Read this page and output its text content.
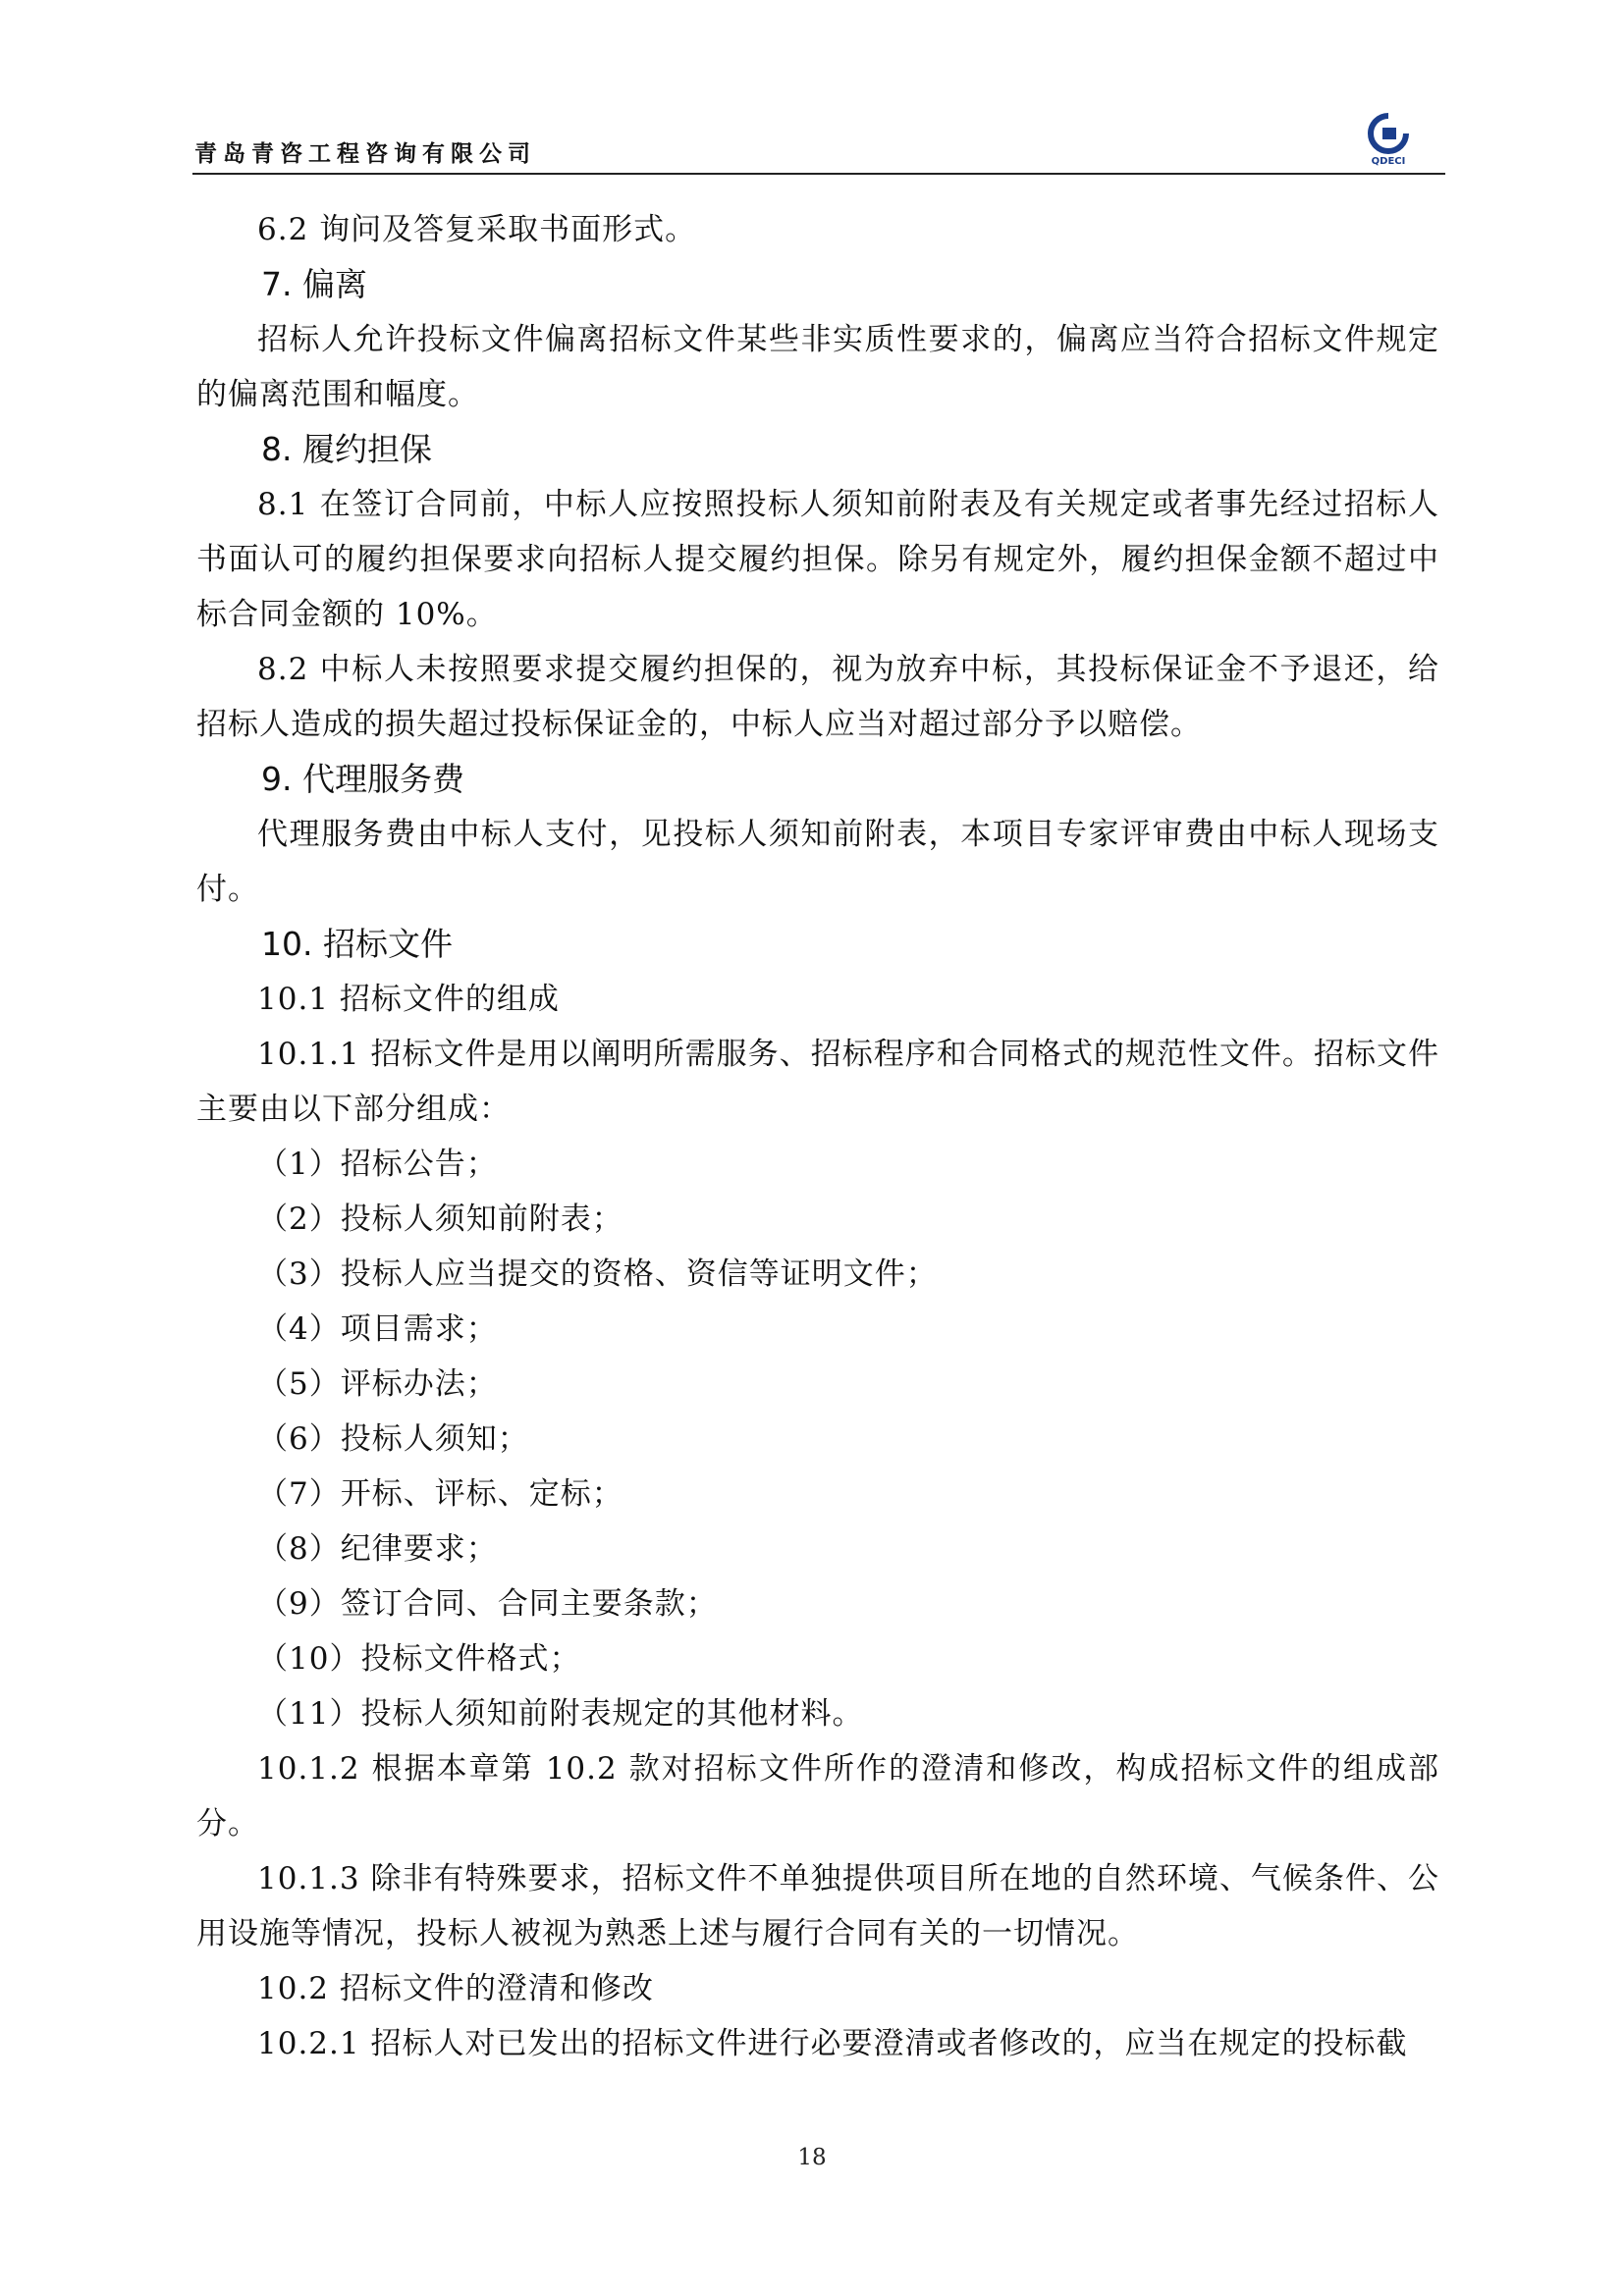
青岛青咨工程咨询有限公司	QDECI

6.2 询问及答复采取书面形式。

7. 偏离

招标人允许投标文件偏离招标文件某些非实质性要求的，偏离应当符合招标文件规定的偏离范围和幅度。

8. 履约担保

8.1 在签订合同前，中标人应按照投标人须知前附表及有关规定或者事先经过招标人书面认可的履约担保要求向招标人提交履约担保。除另有规定外，履约担保金额不超过中标合同金额的 10%。

8.2 中标人未按照要求提交履约担保的，视为放弃中标，其投标保证金不予退还，给招标人造成的损失超过投标保证金的，中标人应当对超过部分予以赔偿。

9. 代理服务费

代理服务费由中标人支付，见投标人须知前附表，本项目专家评审费由中标人现场支付。

10. 招标文件

10.1 招标文件的组成

10.1.1 招标文件是用以阐明所需服务、招标程序和合同格式的规范性文件。招标文件主要由以下部分组成：

（1）招标公告；

（2）投标人须知前附表；

（3）投标人应当提交的资格、资信等证明文件；

（4）项目需求；

（5）评标办法；

（6）投标人须知；

（7）开标、评标、定标；

（8）纪律要求；

（9）签订合同、合同主要条款；

（10）投标文件格式；

（11）投标人须知前附表规定的其他材料。

10.1.2 根据本章第 10.2 款对招标文件所作的澄清和修改，构成招标文件的组成部分。

10.1.3 除非有特殊要求，招标文件不单独提供项目所在地的自然环境、气候条件、公用设施等情况，投标人被视为熟悉上述与履行合同有关的一切情况。

10.2 招标文件的澄清和修改

10.2.1 招标人对已发出的招标文件进行必要澄清或者修改的，应当在规定的投标截

18
